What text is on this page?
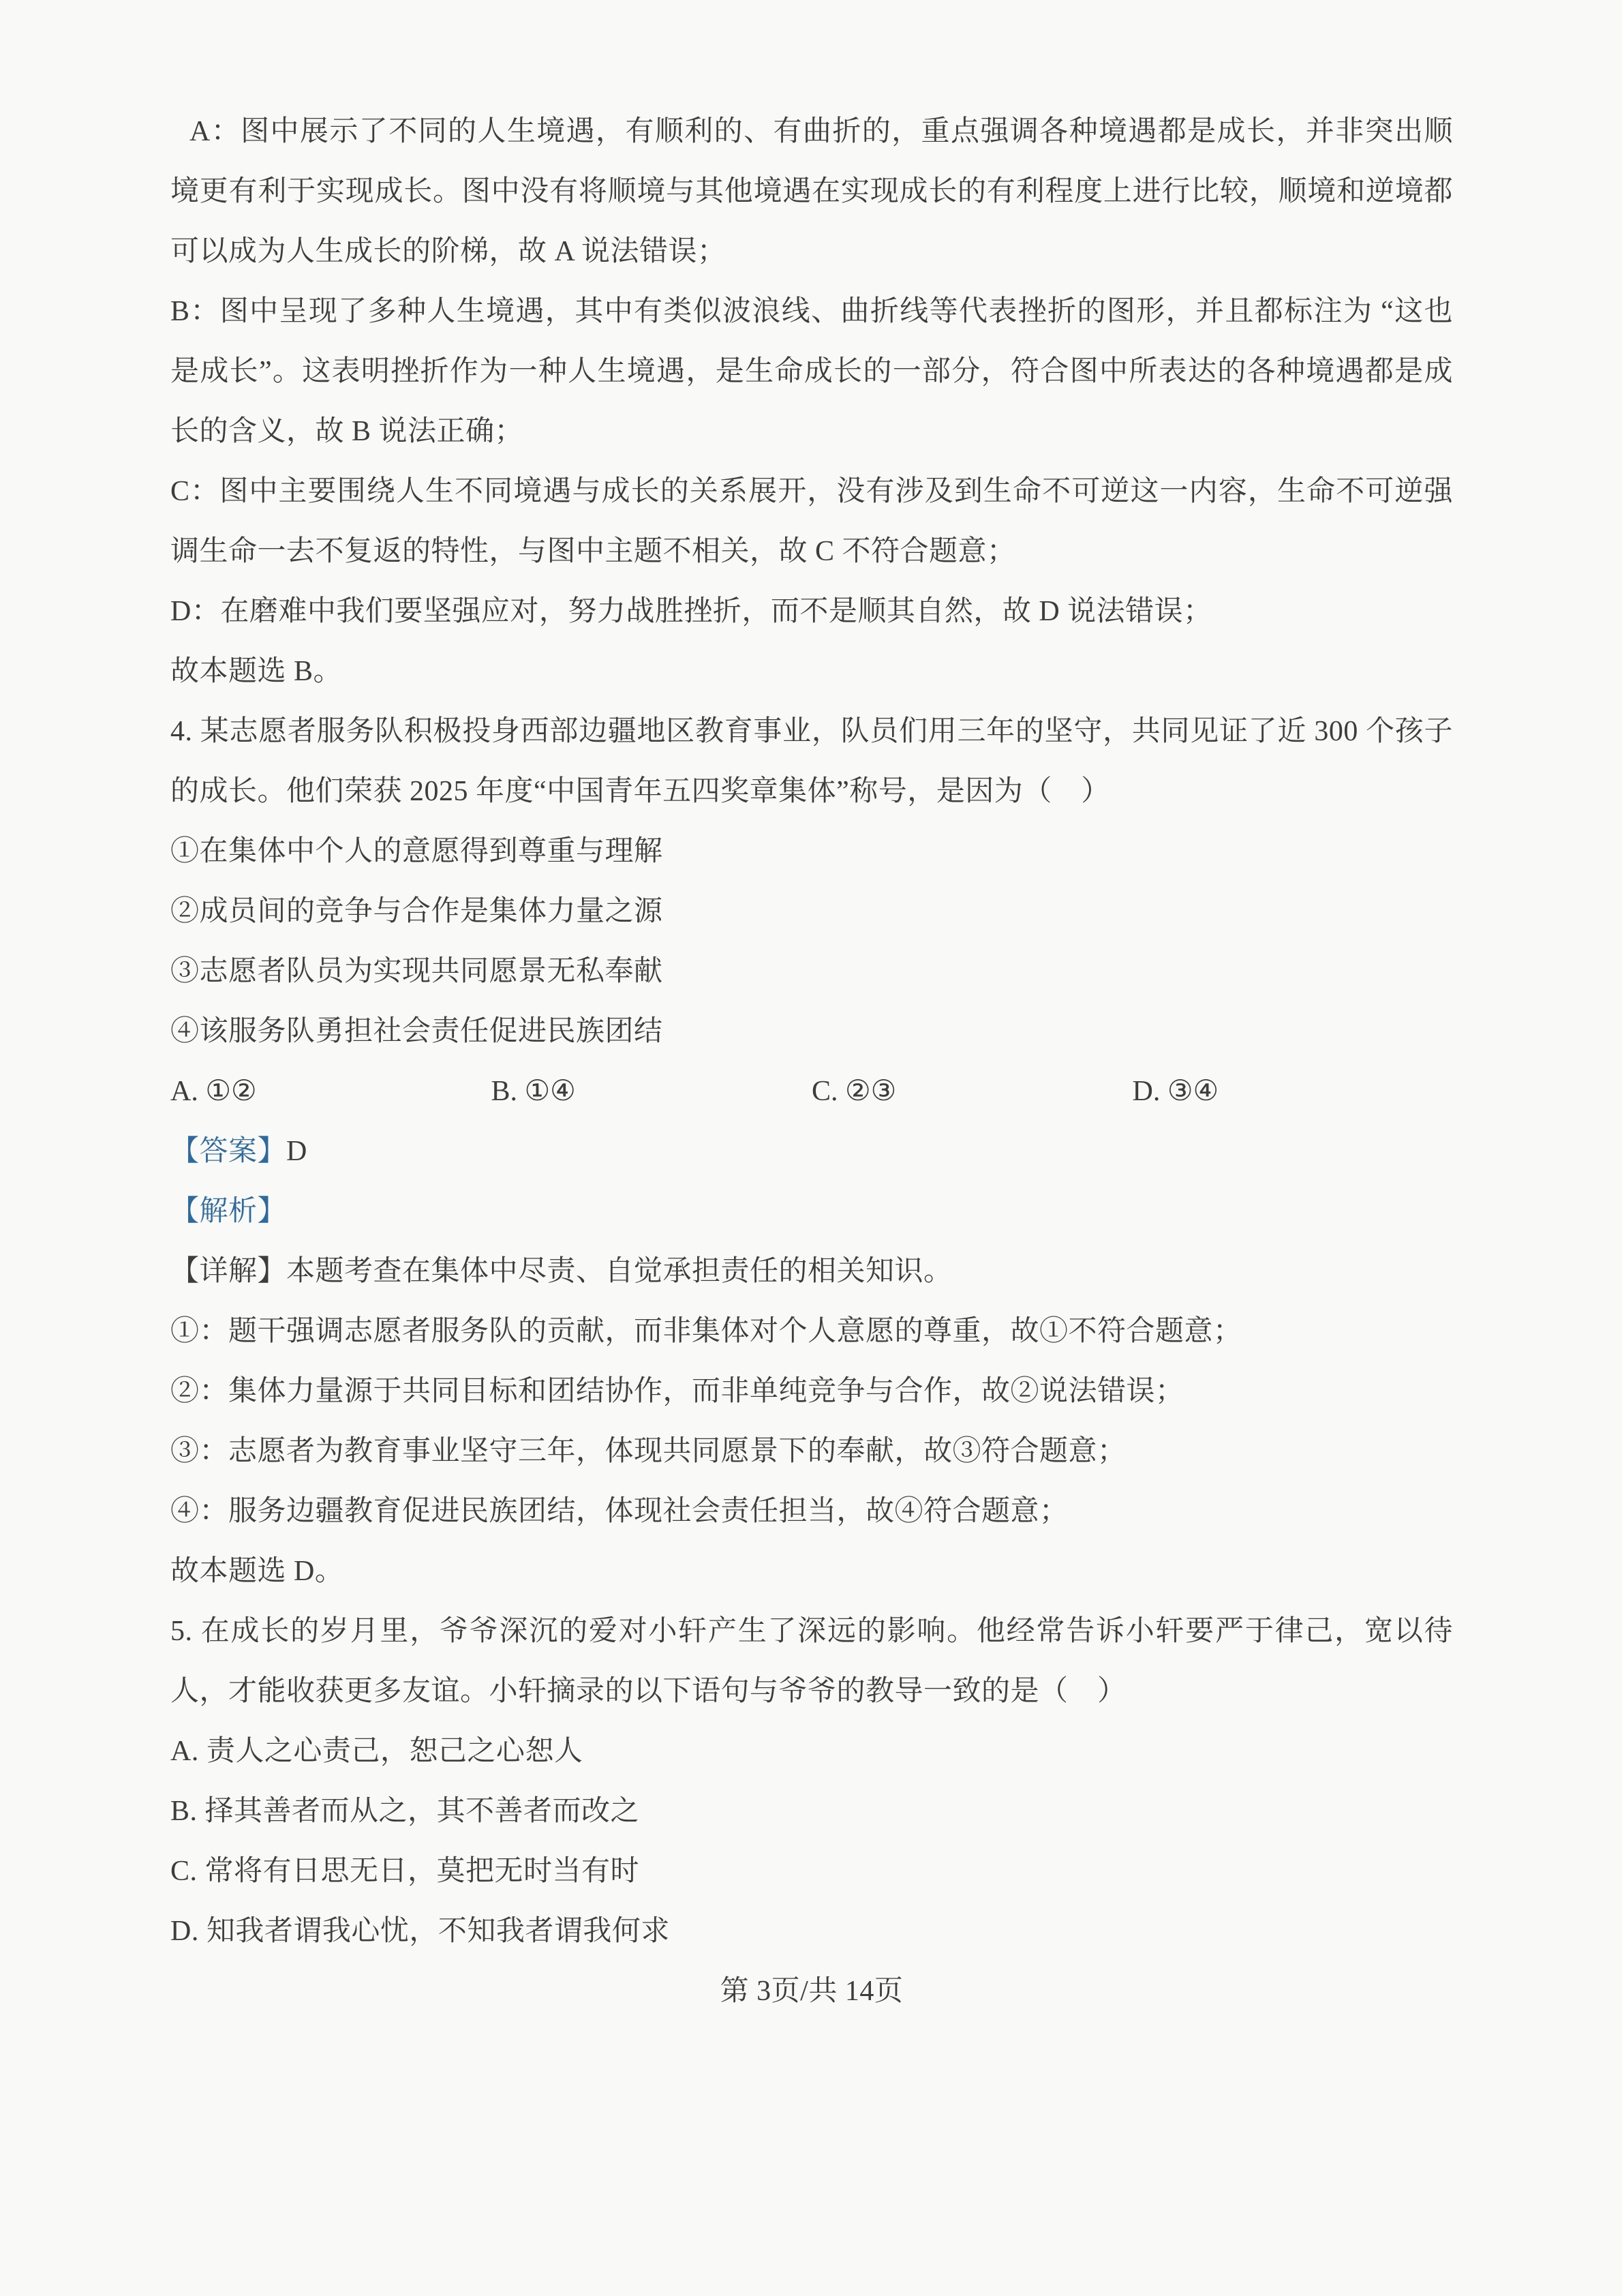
A：图中展示了不同的人生境遇，有顺利的、有曲折的，重点强调各种境遇都是成长，并非突出顺境更有利于实现成长。图中没有将顺境与其他境遇在实现成长的有利程度上进行比较，顺境和逆境都可以成为人生成长的阶梯，故 A 说法错误；

B：图中呈现了多种人生境遇，其中有类似波浪线、曲折线等代表挫折的图形，并且都标注为 “这也是成长”。这表明挫折作为一种人生境遇，是生命成长的一部分，符合图中所表达的各种境遇都是成长的含义，故 B 说法正确；

C：图中主要围绕人生不同境遇与成长的关系展开，没有涉及到生命不可逆这一内容，生命不可逆强调生命一去不复返的特性，与图中主题不相关，故 C 不符合题意；

D：在磨难中我们要坚强应对，努力战胜挫折，而不是顺其自然，故 D 说法错误；

故本题选 B。

4. 某志愿者服务队积极投身西部边疆地区教育事业，队员们用三年的坚守，共同见证了近 300 个孩子的成长。他们荣获 2025 年度“中国青年五四奖章集体”称号，是因为（　）

①在集体中个人的意愿得到尊重与理解

②成员间的竞争与合作是集体力量之源

③志愿者队员为实现共同愿景无私奉献

④该服务队勇担社会责任促进民族团结

A. ①②	B. ①④	C. ②③	D. ③④

【答案】D

【解析】

【详解】本题考查在集体中尽责、自觉承担责任的相关知识。

①：题干强调志愿者服务队的贡献，而非集体对个人意愿的尊重，故①不符合题意；

②：集体力量源于共同目标和团结协作，而非单纯竞争与合作，故②说法错误；

③：志愿者为教育事业坚守三年，体现共同愿景下的奉献，故③符合题意；

④：服务边疆教育促进民族团结，体现社会责任担当，故④符合题意；

故本题选 D。

5. 在成长的岁月里，爷爷深沉的爱对小轩产生了深远的影响。他经常告诉小轩要严于律己，宽以待人，才能收获更多友谊。小轩摘录的以下语句与爷爷的教导一致的是（　）

A. 责人之心责己，恕己之心恕人

B. 择其善者而从之，其不善者而改之

C. 常将有日思无日，莫把无时当有时

D. 知我者谓我心忧，不知我者谓我何求

第 3页/共 14页
